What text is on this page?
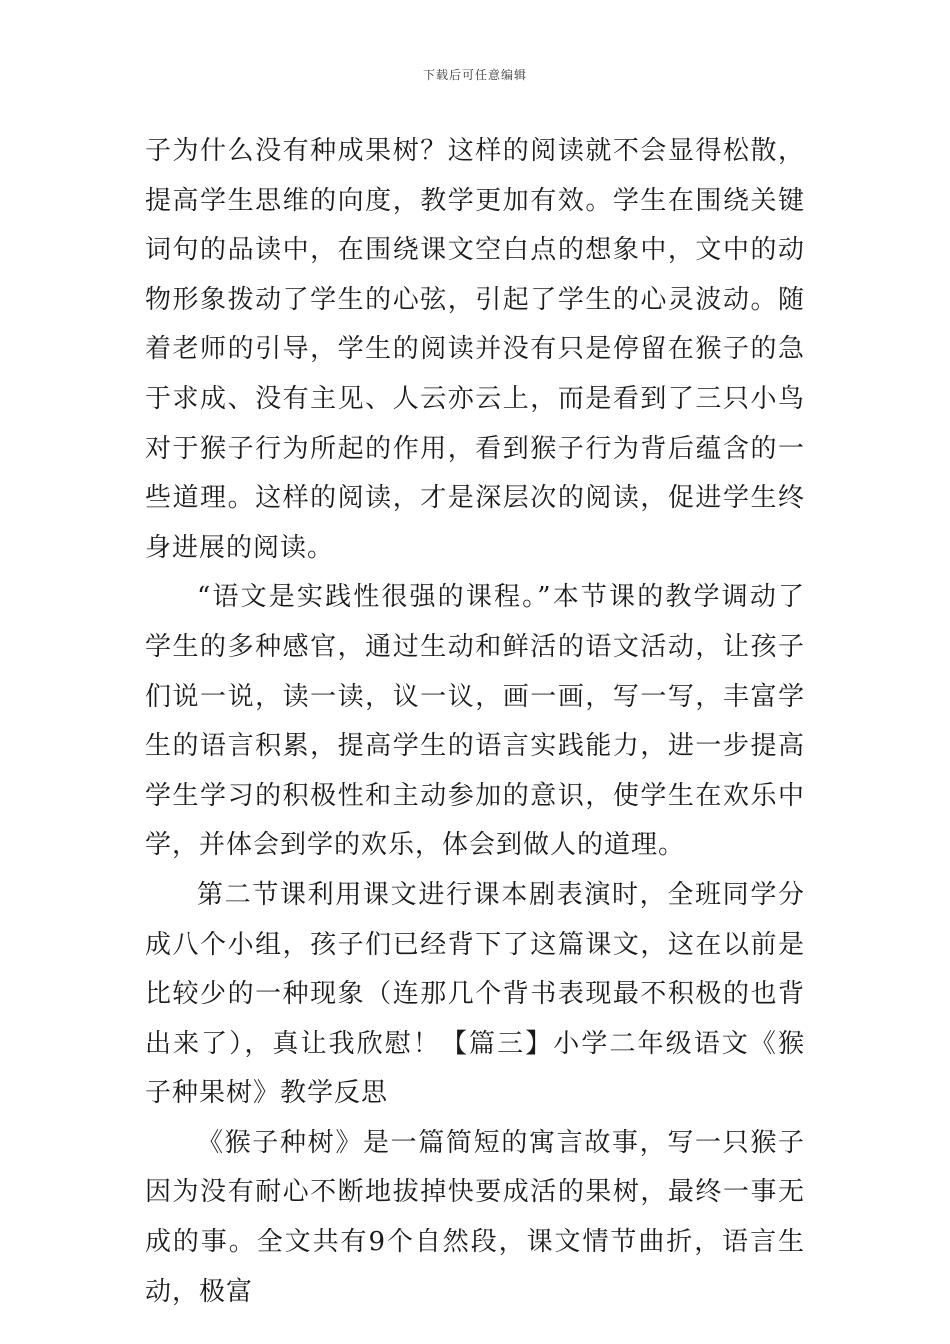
下载后可任意编辑

子为什么没有种成果树？这样的阅读就不会显得松散，提高学生思维的向度，教学更加有效。学生在围绕关键词句的品读中，在围绕课文空白点的想象中，文中的动物形象拨动了学生的心弦，引起了学生的心灵波动。随着老师的引导，学生的阅读并没有只是停留在猴子的急于求成、没有主见、人云亦云上，而是看到了三只小鸟对于猴子行为所起的作用，看到猴子行为背后蕴含的一些道理。这样的阅读，才是深层次的阅读，促进学生终身进展的阅读。

“语文是实践性很强的课程。”本节课的教学调动了学生的多种感官，通过生动和鲜活的语文活动，让孩子们说一说，读一读，议一议，画一画，写一写，丰富学生的语言积累，提高学生的语言实践能力，进一步提高学生学习的积极性和主动参加的意识，使学生在欢乐中学，并体会到学的欢乐，体会到做人的道理。

第二节课利用课文进行课本剧表演时，全班同学分成八个小组，孩子们已经背下了这篇课文，这在以前是比较少的一种现象（连那几个背书表现最不积极的也背出来了），真让我欣慰！【篇三】小学二年级语文《猴子种果树》教学反思

《猴子种树》是一篇简短的寓言故事，写一只猴子因为没有耐心不断地拔掉快要成活的果树，最终一事无成的事。全文共有9个自然段，课文情节曲折，语言生动，极富
